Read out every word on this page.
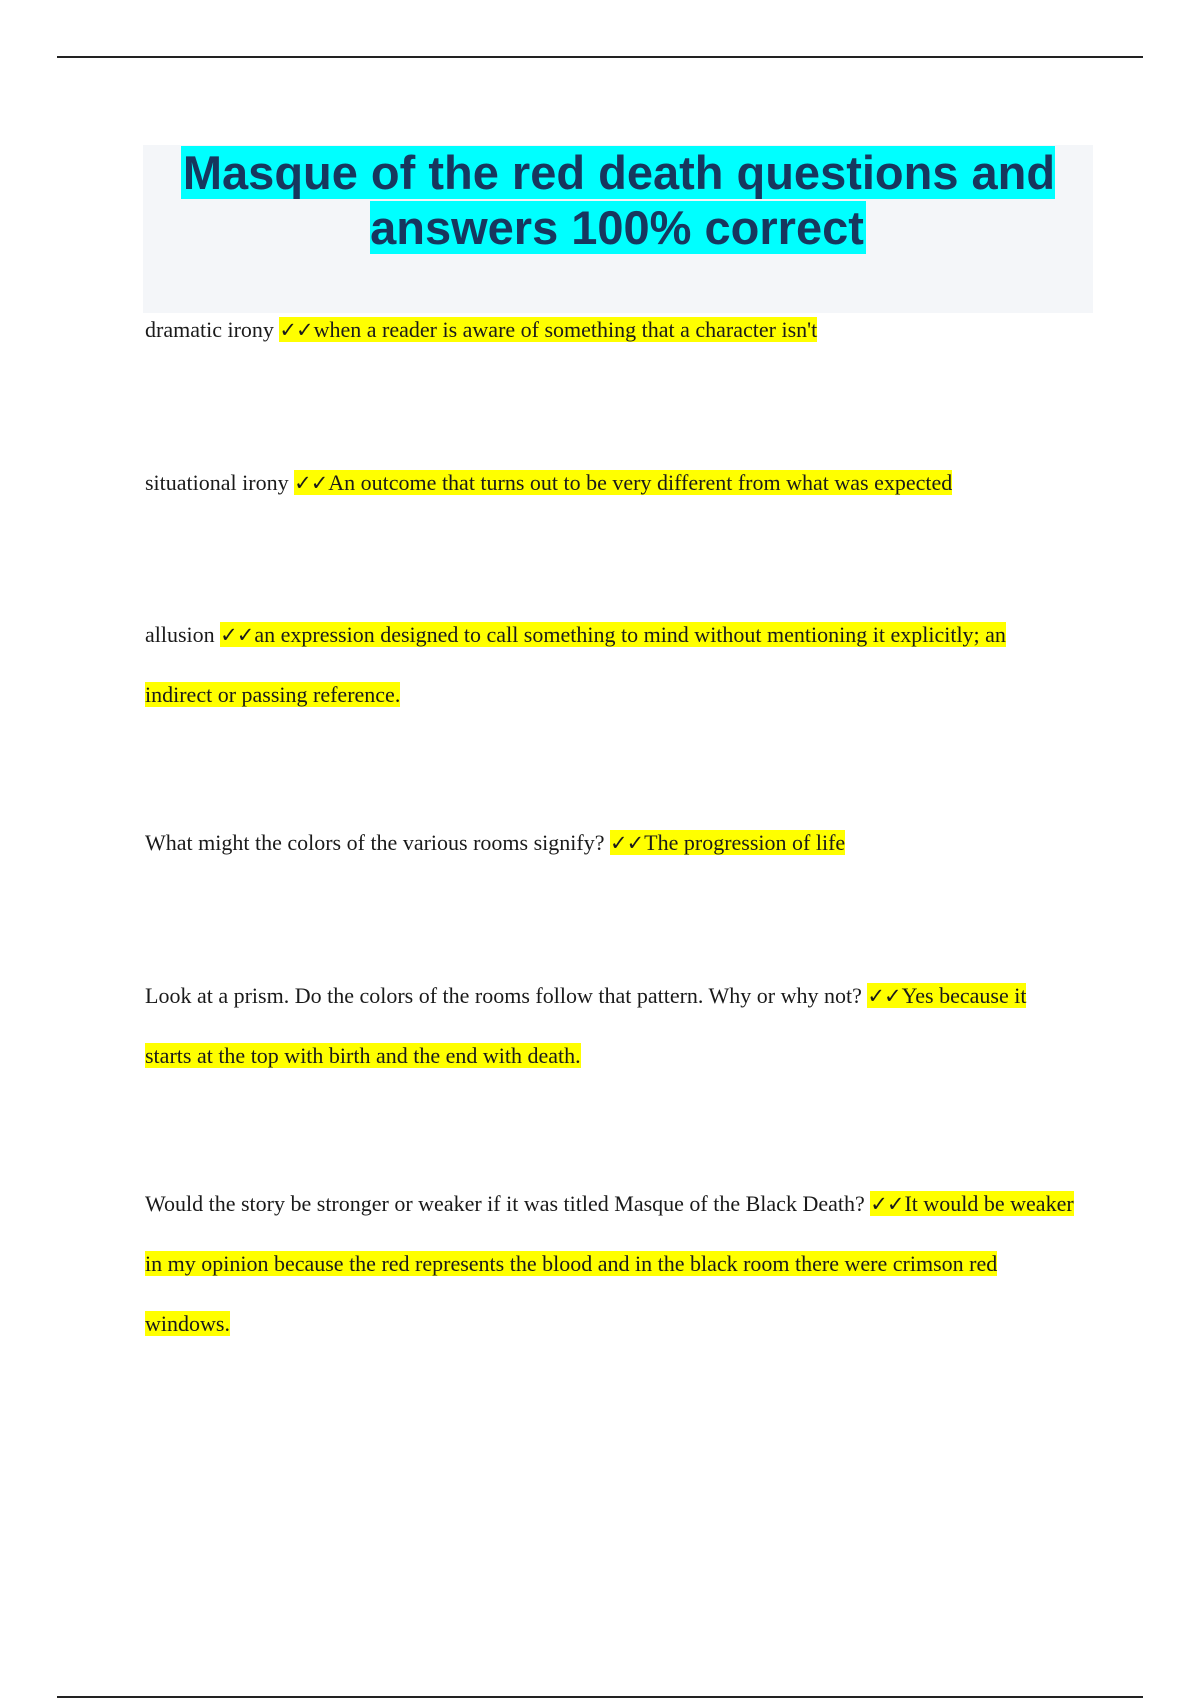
Masque of the red death questions and answers 100% correct

dramatic irony ✓✓when a reader is aware of something that a character isn't

situational irony ✓✓An outcome that turns out to be very different from what was expected

allusion ✓✓an expression designed to call something to mind without mentioning it explicitly; an indirect or passing reference.

What might the colors of the various rooms signify? ✓✓The progression of life

Look at a prism. Do the colors of the rooms follow that pattern. Why or why not? ✓✓Yes because it starts at the top with birth and the end with death.

Would the story be stronger or weaker if it was titled Masque of the Black Death? ✓✓It would be weaker in my opinion because the red represents the blood and in the black room there were crimson red windows.
